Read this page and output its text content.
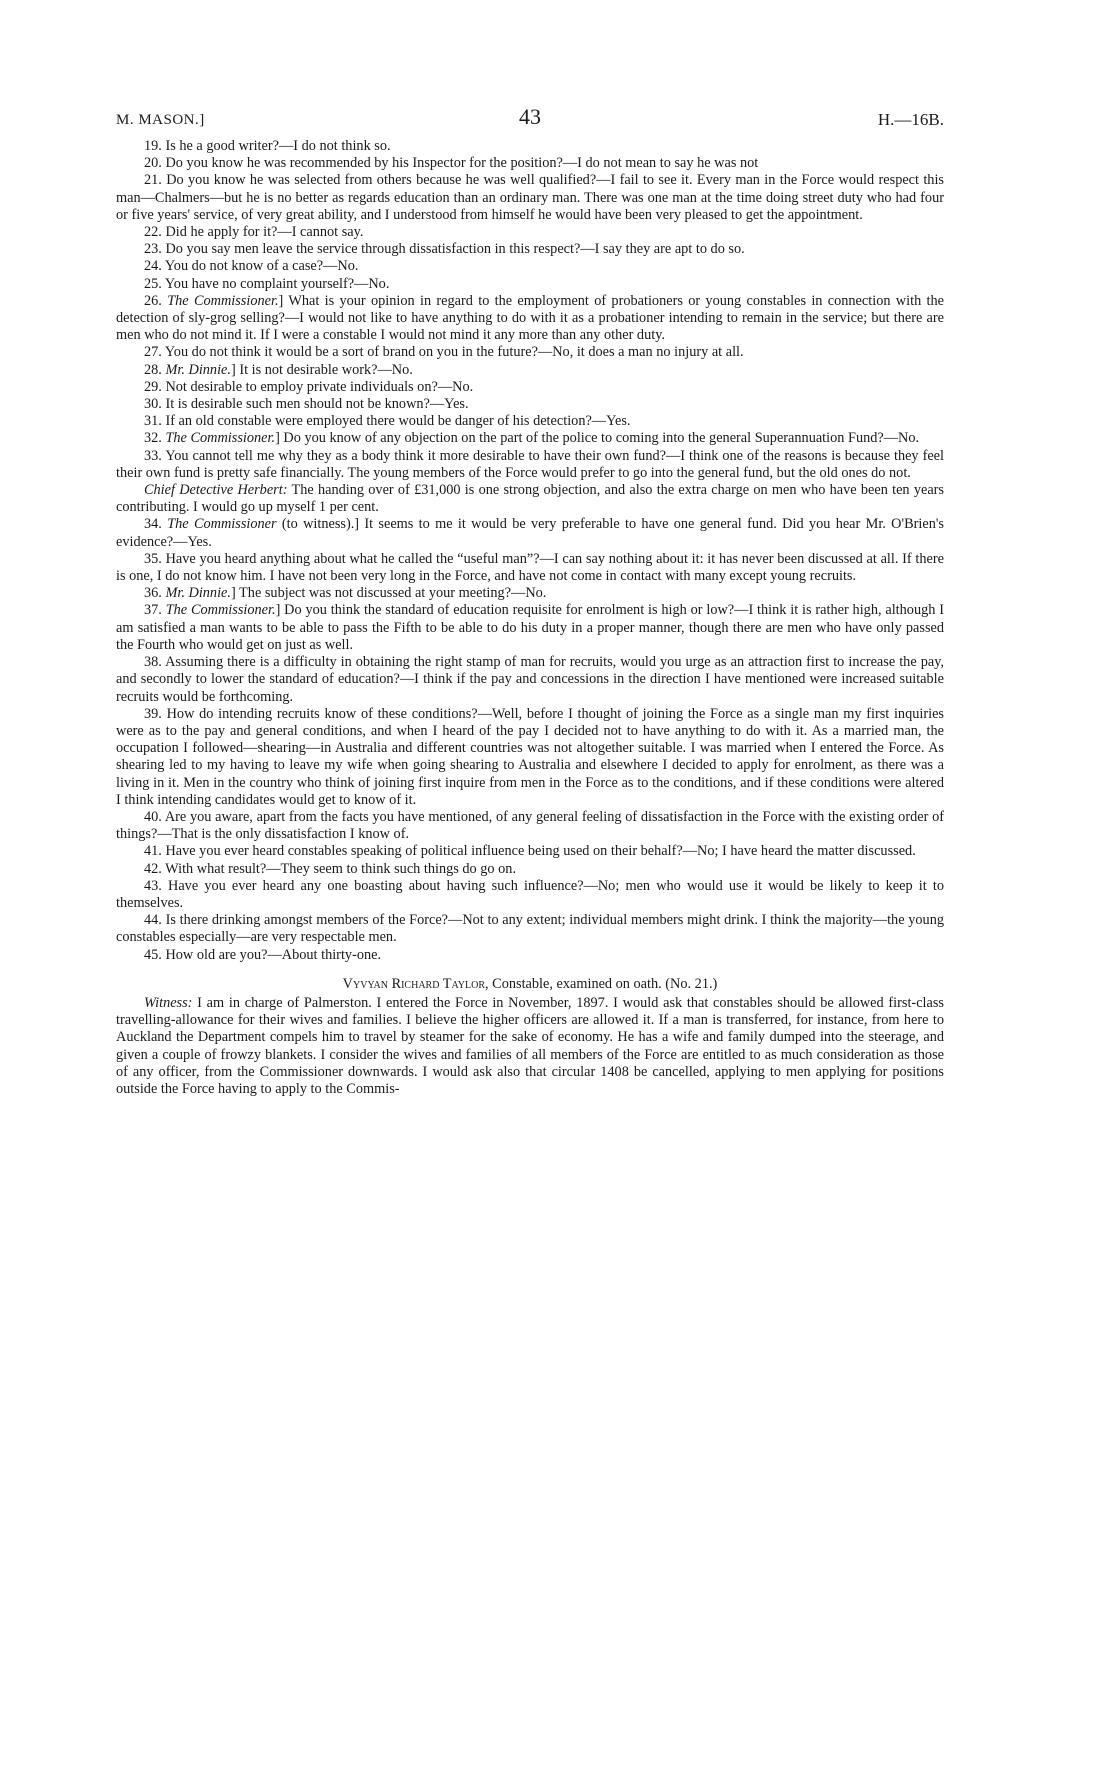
M. MASON.]	43	H.—16B.

19. Is he a good writer?—I do not think so.

20. Do you know he was recommended by his Inspector for the position?—I do not mean to say he was not

21. Do you know he was selected from others because he was well qualified?—I fail to see it. Every man in the Force would respect this man—Chalmers—but he is no better as regards education than an ordinary man. There was one man at the time doing street duty who had four or five years' service, of very great ability, and I understood from himself he would have been very pleased to get the appointment.

22. Did he apply for it?—I cannot say.

23. Do you say men leave the service through dissatisfaction in this respect?—I say they are apt to do so.

24. You do not know of a case?—No.

25. You have no complaint yourself?—No.

26. The Commissioner.] What is your opinion in regard to the employment of probationers or young constables in connection with the detection of sly-grog selling?—I would not like to have anything to do with it as a probationer intending to remain in the service; but there are men who do not mind it. If I were a constable I would not mind it any more than any other duty.

27. You do not think it would be a sort of brand on you in the future?—No, it does a man no injury at all.

28. Mr. Dinnie.] It is not desirable work?—No.

29. Not desirable to employ private individuals on?—No.

30. It is desirable such men should not be known?—Yes.

31. If an old constable were employed there would be danger of his detection?—Yes.

32. The Commissioner.] Do you know of any objection on the part of the police to coming into the general Superannuation Fund?—No.

33. You cannot tell me why they as a body think it more desirable to have their own fund?—I think one of the reasons is because they feel their own fund is pretty safe financially. The young members of the Force would prefer to go into the general fund, but the old ones do not.

Chief Detective Herbert: The handing over of £31,000 is one strong objection, and also the extra charge on men who have been ten years contributing. I would go up myself 1 per cent.

34. The Commissioner (to witness).] It seems to me it would be very preferable to have one general fund. Did you hear Mr. O'Brien's evidence?—Yes.

35. Have you heard anything about what he called the “useful man”?—I can say nothing about it: it has never been discussed at all. If there is one, I do not know him. I have not been very long in the Force, and have not come in contact with many except young recruits.

36. Mr. Dinnie.] The subject was not discussed at your meeting?—No.

37. The Commissioner.] Do you think the standard of education requisite for enrolment is high or low?—I think it is rather high, although I am satisfied a man wants to be able to pass the Fifth to be able to do his duty in a proper manner, though there are men who have only passed the Fourth who would get on just as well.

38. Assuming there is a difficulty in obtaining the right stamp of man for recruits, would you urge as an attraction first to increase the pay, and secondly to lower the standard of education?—I think if the pay and concessions in the direction I have mentioned were increased suitable recruits would be forthcoming.

39. How do intending recruits know of these conditions?—Well, before I thought of joining the Force as a single man my first inquiries were as to the pay and general conditions, and when I heard of the pay I decided not to have anything to do with it. As a married man, the occupation I followed—shearing—in Australia and different countries was not altogether suitable. I was married when I entered the Force. As shearing led to my having to leave my wife when going shearing to Australia and elsewhere I decided to apply for enrolment, as there was a living in it. Men in the country who think of joining first inquire from men in the Force as to the conditions, and if these conditions were altered I think intending candidates would get to know of it.

40. Are you aware, apart from the facts you have mentioned, of any general feeling of dissatisfaction in the Force with the existing order of things?—That is the only dissatisfaction I know of.

41. Have you ever heard constables speaking of political influence being used on their behalf?—No; I have heard the matter discussed.

42. With what result?—They seem to think such things do go on.

43. Have you ever heard any one boasting about having such influence?—No; men who would use it would be likely to keep it to themselves.

44. Is there drinking amongst members of the Force?—Not to any extent; individual members might drink. I think the majority—the young constables especially—are very respectable men.

45. How old are you?—About thirty-one.

Vyvyan Richard Taylor, Constable, examined on oath. (No. 21.)

Witness: I am in charge of Palmerston. I entered the Force in November, 1897. I would ask that constables should be allowed first-class travelling-allowance for their wives and families. I believe the higher officers are allowed it. If a man is transferred, for instance, from here to Auckland the Department compels him to travel by steamer for the sake of economy. He has a wife and family dumped into the steerage, and given a couple of frowzy blankets. I consider the wives and families of all members of the Force are entitled to as much consideration as those of any officer, from the Commissioner downwards. I would ask also that circular 1408 be cancelled, applying to men applying for positions outside the Force having to apply to the Commis-
